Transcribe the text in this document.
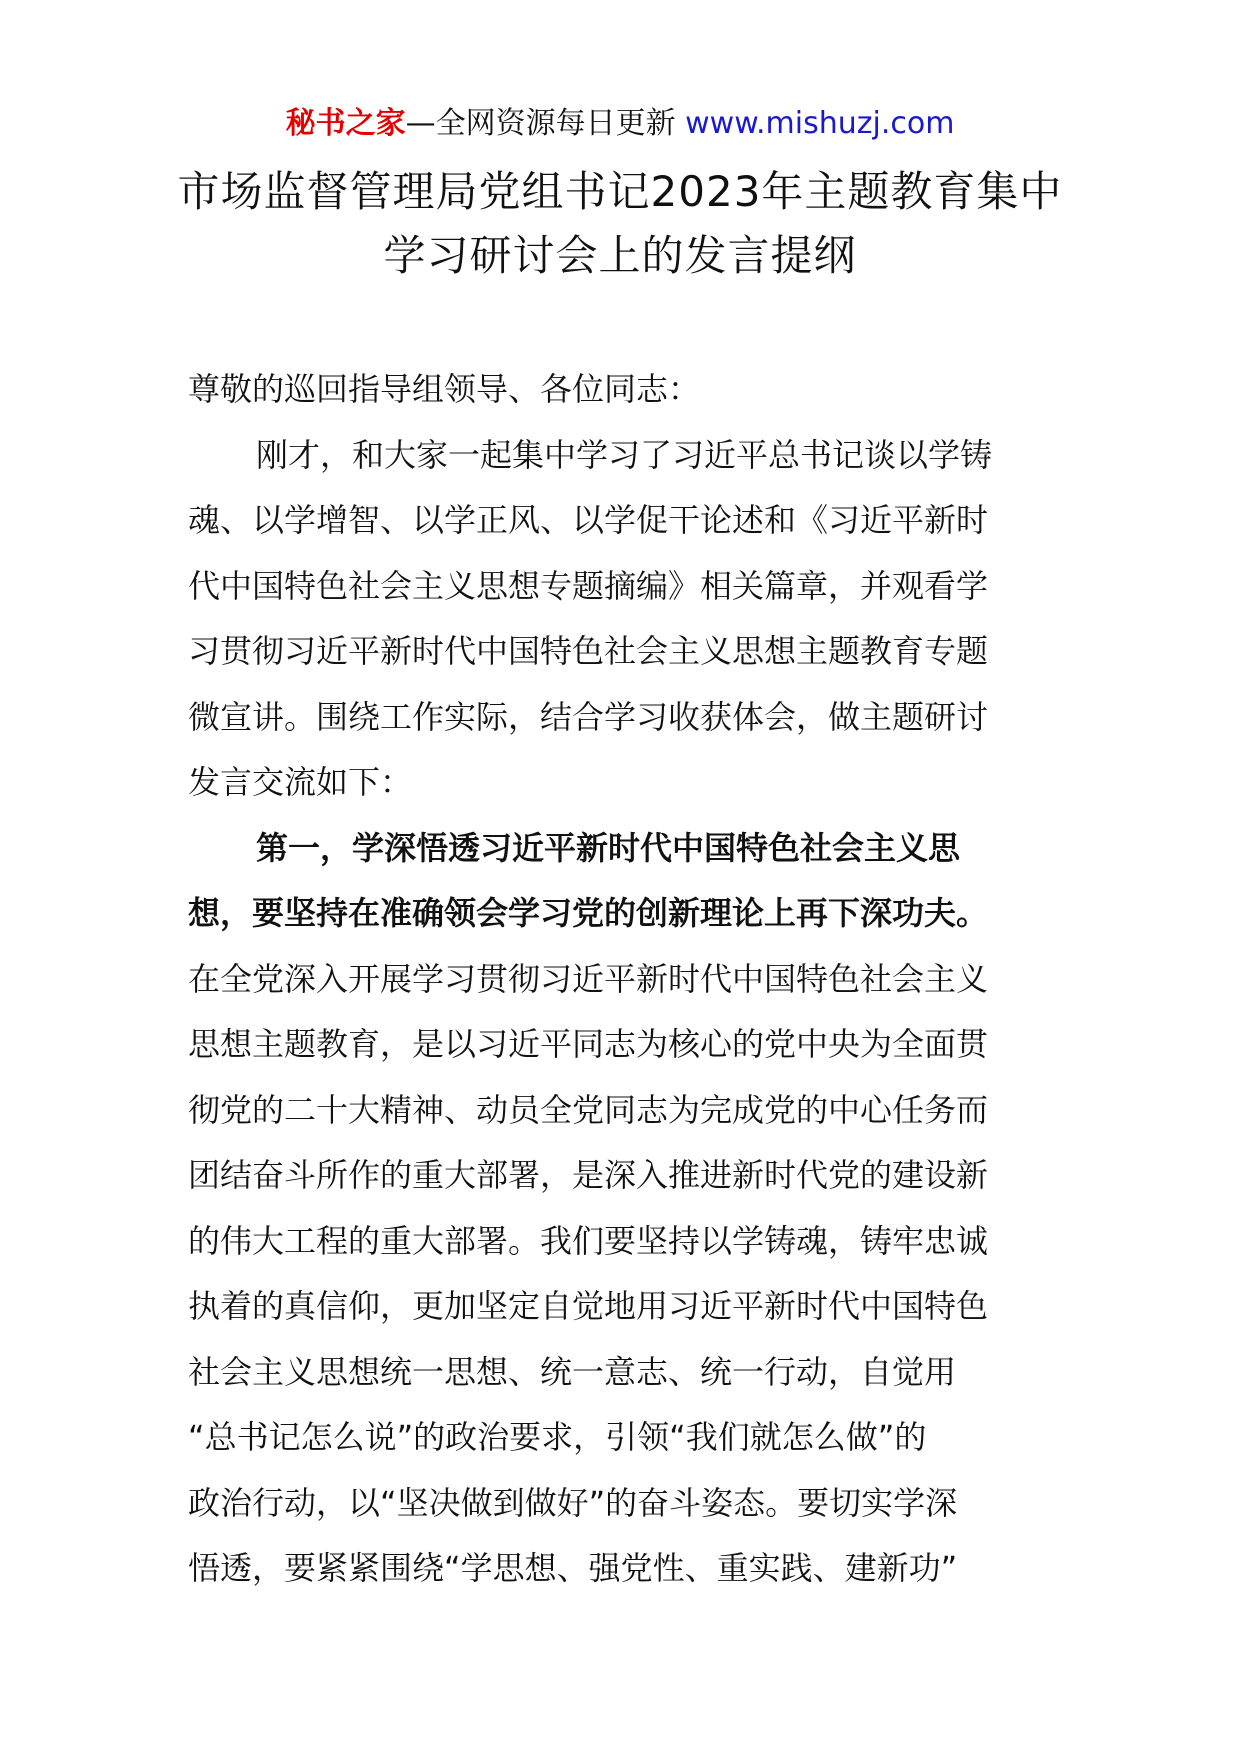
秘书之家—全网资源每日更新 www.mishuzj.com
市场监督管理局党组书记2023年主题教育集中
学习研讨会上的发言提纲
尊敬的巡回指导组领导、各位同志：
刚才，和大家一起集中学习了习近平总书记谈以学铸
魂、以学增智、以学正风、以学促干论述和《习近平新时
代中国特色社会主义思想专题摘编》相关篇章，并观看学
习贯彻习近平新时代中国特色社会主义思想主题教育专题
微宣讲。围绕工作实际，结合学习收获体会，做主题研讨
发言交流如下：
第一，学深悟透习近平新时代中国特色社会主义思
想，要坚持在准确领会学习党的创新理论上再下深功夫。
在全党深入开展学习贯彻习近平新时代中国特色社会主义
思想主题教育，是以习近平同志为核心的党中央为全面贯
彻党的二十大精神、动员全党同志为完成党的中心任务而
团结奋斗所作的重大部署，是深入推进新时代党的建设新
的伟大工程的重大部署。我们要坚持以学铸魂，铸牢忠诚
执着的真信仰，更加坚定自觉地用习近平新时代中国特色
社会主义思想统一思想、统一意志、统一行动，自觉用
“总书记怎么说”的政治要求，引领“我们就怎么做”的
政治行动，以“坚决做到做好”的奋斗姿态。要切实学深
悟透，要紧紧围绕“学思想、强党性、重实践、建新功”
